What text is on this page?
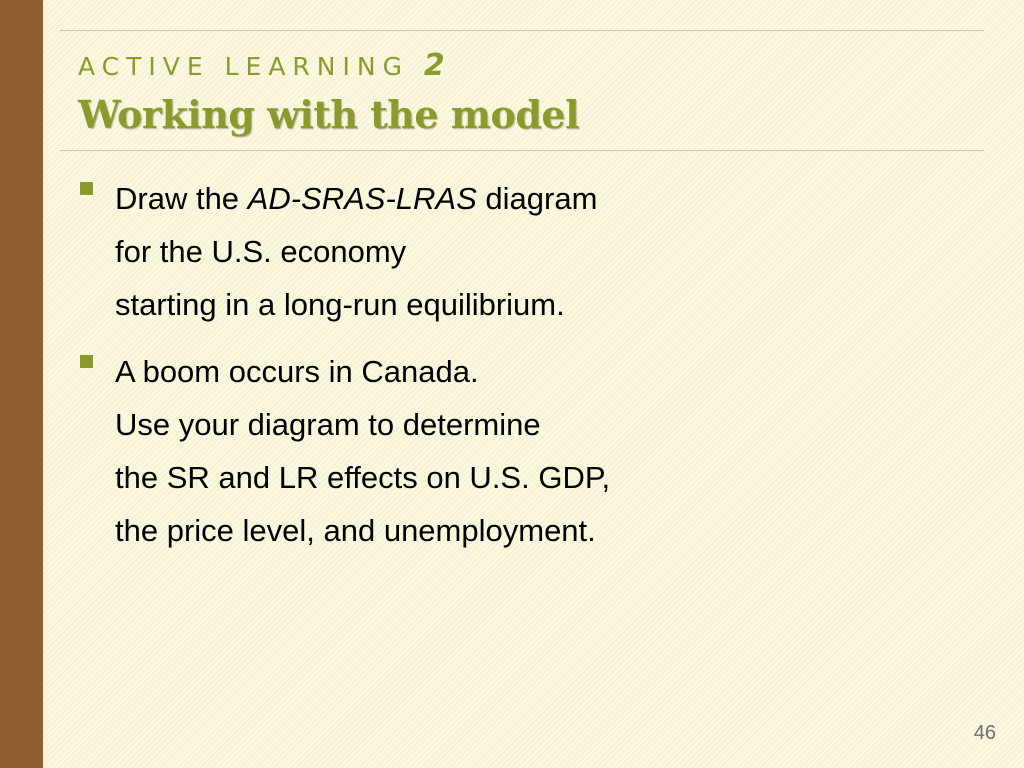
ACTIVE LEARNING 2
Working with the model
Draw the AD-SRAS-LRAS diagram
for the U.S. economy
starting in a long-run equilibrium.
A boom occurs in Canada.
Use your diagram to determine
the SR and LR effects on U.S. GDP,
the price level, and unemployment.
46
